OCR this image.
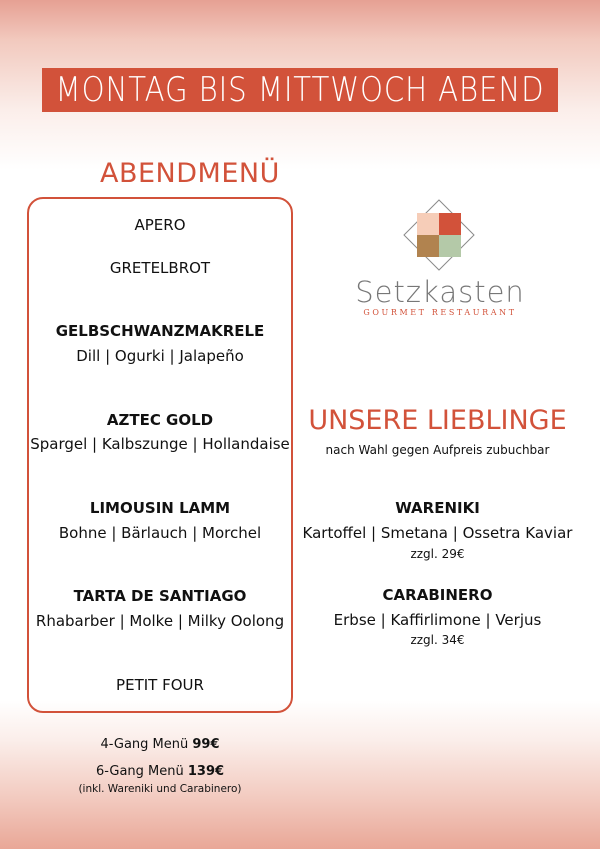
MONTAG BIS MITTWOCH ABEND
ABENDMENÜ
APERO
GRETELBROT
GELBSCHWANZMAKRELE
Dill | Ogurki | Jalapeño
AZTEC GOLD
Spargel | Kalbszunge | Hollandaise
LIMOUSIN LAMM
Bohne | Bärlauch | Morchel
TARTA DE SANTIAGO
Rhabarber | Molke | Milky Oolong
PETIT FOUR
Setzkasten
GOURMET RESTAURANT
UNSERE LIEBLINGE
nach Wahl gegen Aufpreis zubuchbar
WARENIKI
Kartoffel | Smetana | Ossetra Kaviar
zzgl. 29€
CARABINERO
Erbse | Kaffirlimone | Verjus
zzgl. 34€
4-Gang Menü 99€
6-Gang Menü 139€
(inkl. Wareniki und Carabinero)
